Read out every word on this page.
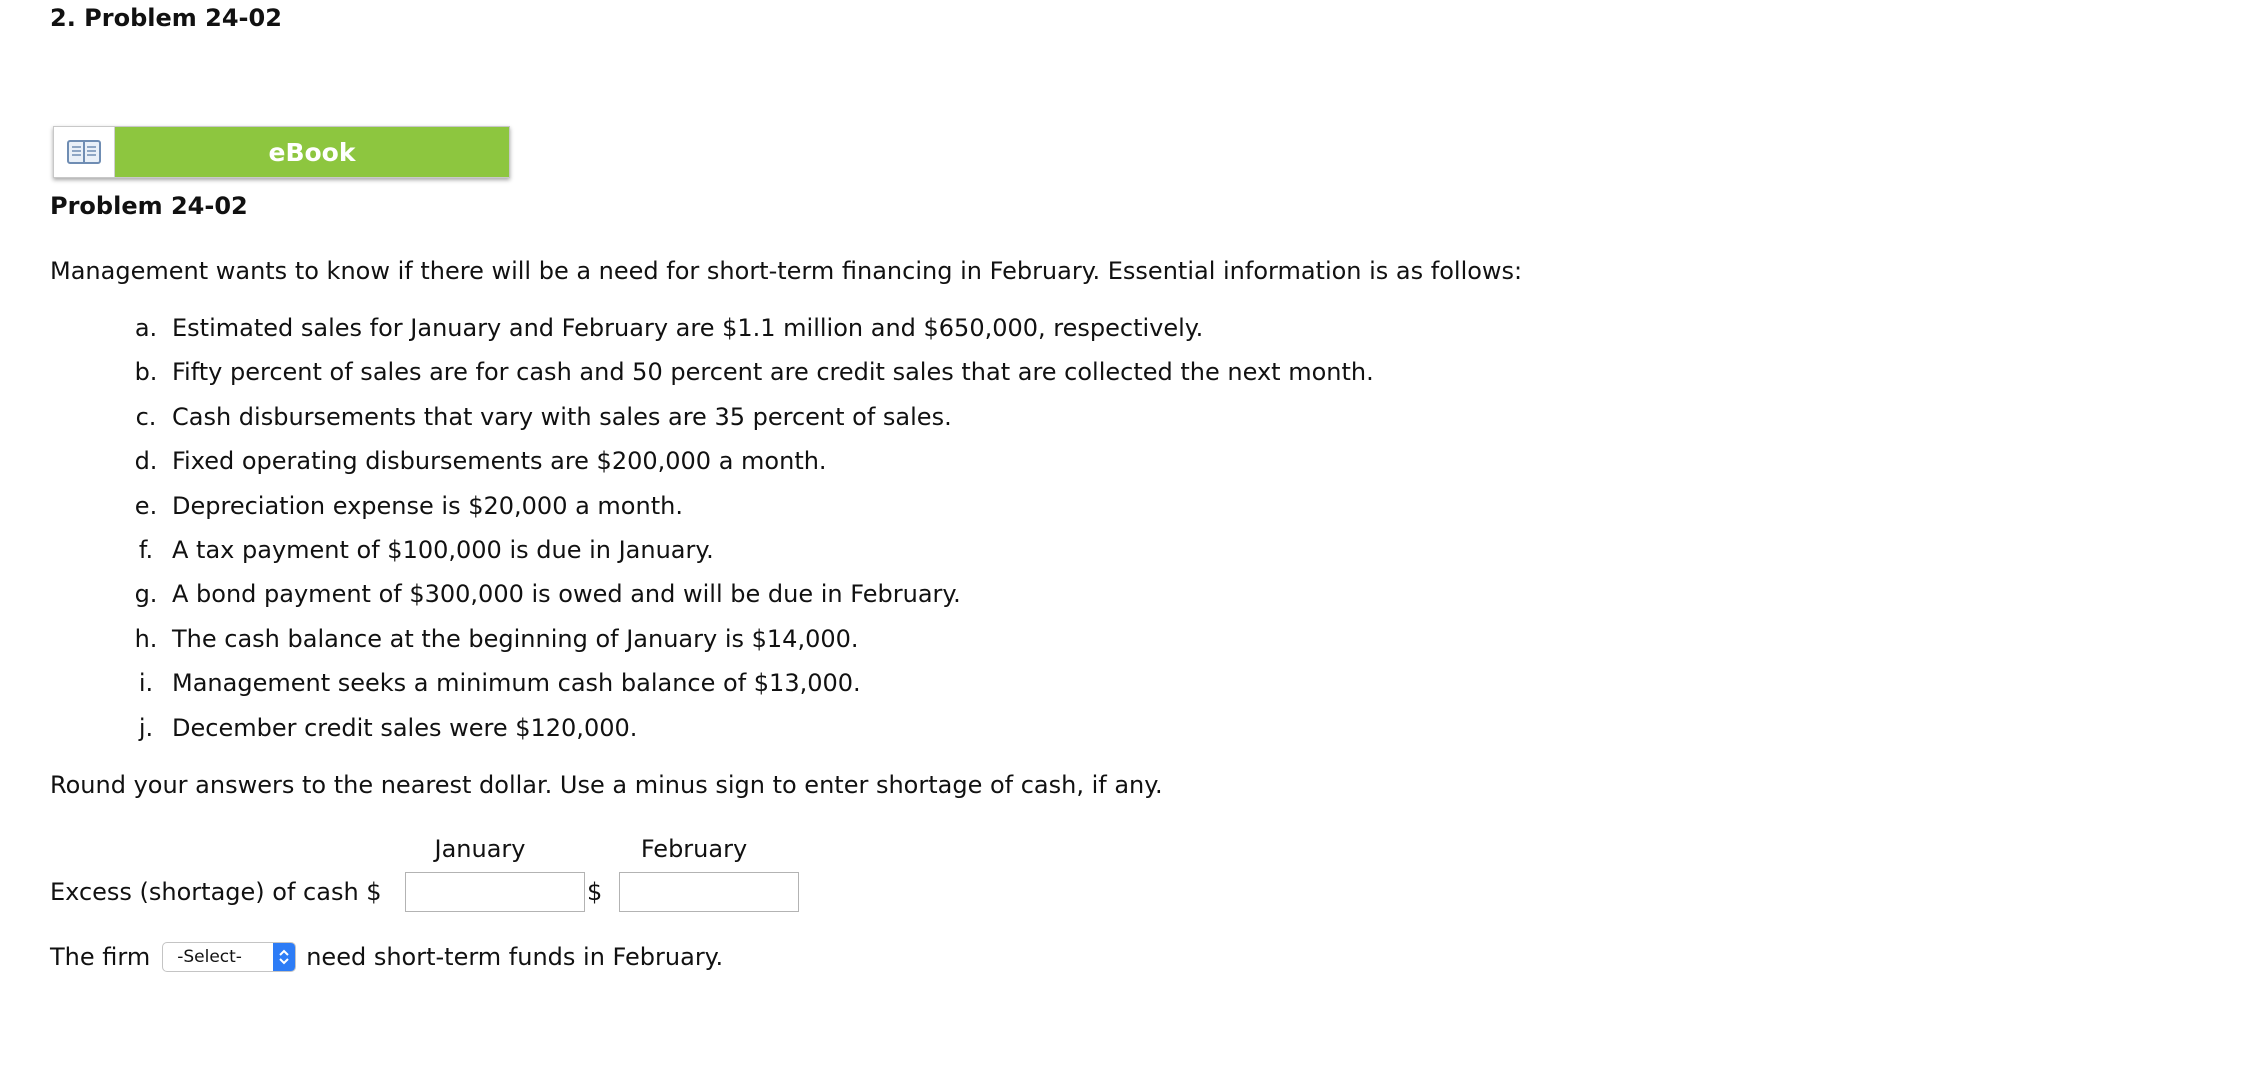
2. Problem 24-02
eBook
Problem 24-02

Management wants to know if there will be a need for short-term financing in February. Essential information is as follows:

a. Estimated sales for January and February are $1.1 million and $650,000, respectively.
b. Fifty percent of sales are for cash and 50 percent are credit sales that are collected the next month.
c. Cash disbursements that vary with sales are 35 percent of sales.
d. Fixed operating disbursements are $200,000 a month.
e. Depreciation expense is $20,000 a month.
f. A tax payment of $100,000 is due in January.
g. A bond payment of $300,000 is owed and will be due in February.
h. The cash balance at the beginning of January is $14,000.
i. Management seeks a minimum cash balance of $13,000.
j. December credit sales were $120,000.

Round your answers to the nearest dollar. Use a minus sign to enter shortage of cash, if any.

January	February
Excess (shortage) of cash $	$
The firm -Select-	need short-term funds in February.
